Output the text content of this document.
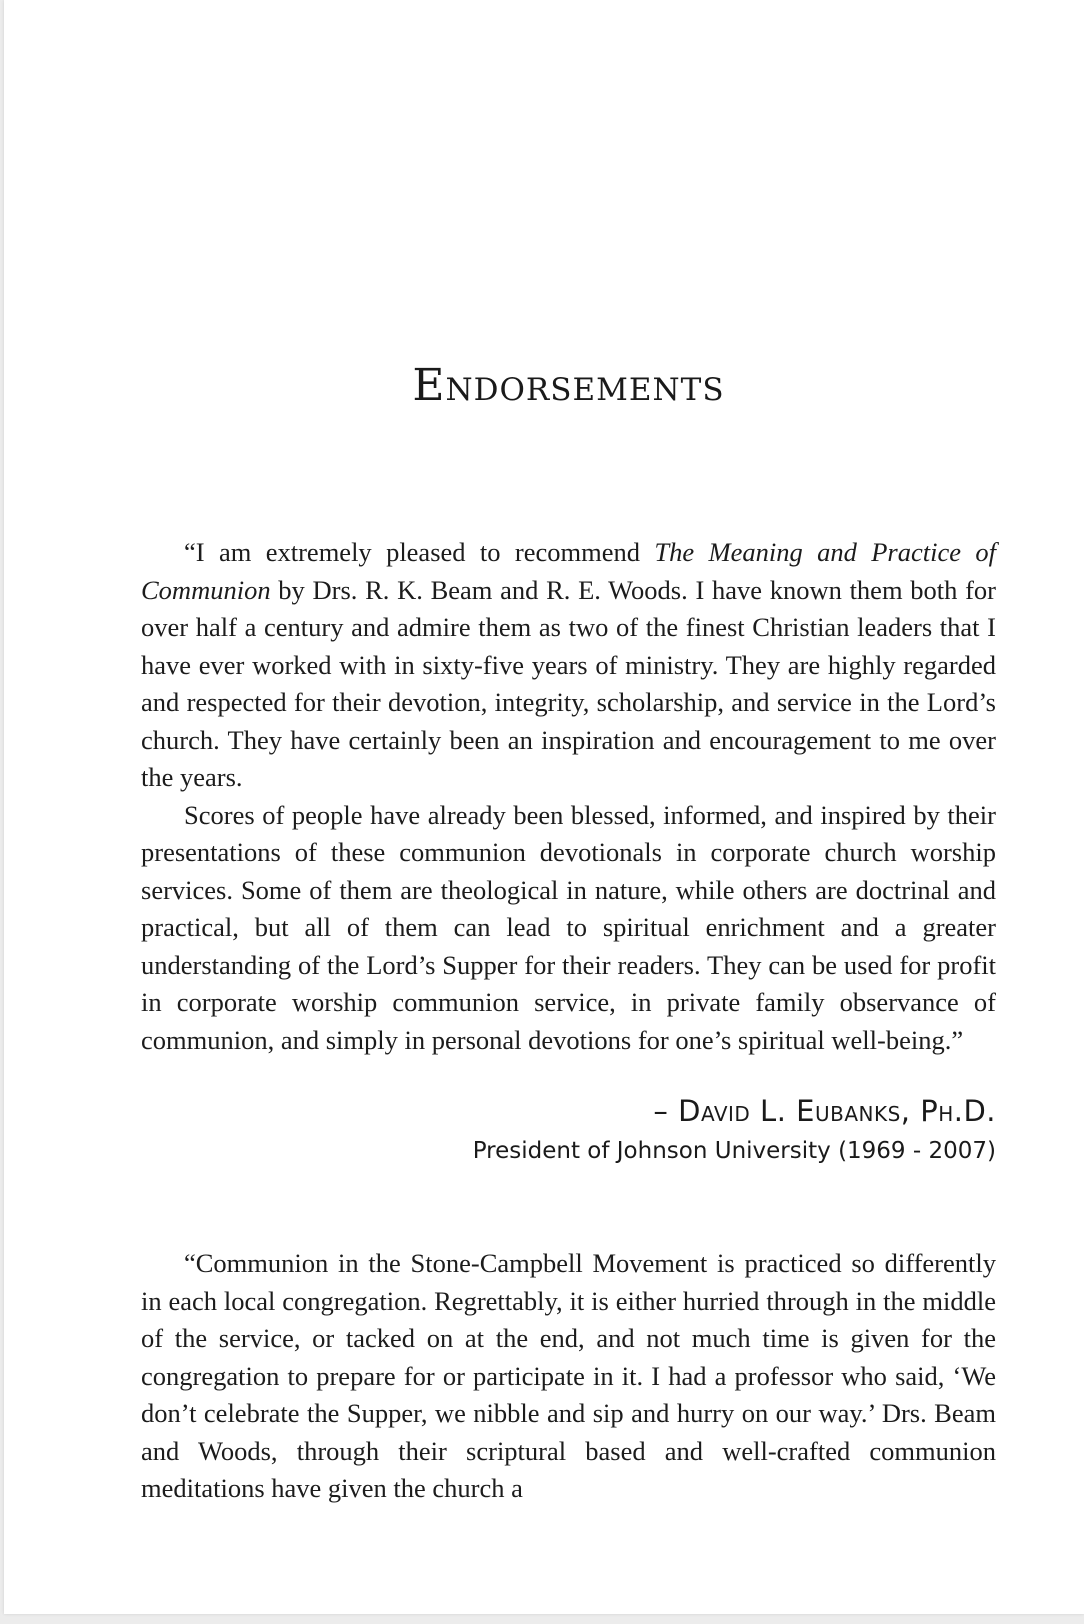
Endorsements

“I am extremely pleased to recommend The Meaning and Practice of Communion by Drs. R. K. Beam and R. E. Woods. I have known them both for over half a century and admire them as two of the finest Christian leaders that I have ever worked with in sixty-five years of ministry. They are highly regarded and respected for their devotion, integrity, scholarship, and service in the Lord’s church. They have certainly been an inspiration and encouragement to me over the years.

Scores of people have already been blessed, informed, and inspired by their presentations of these communion devotionals in corporate church worship services. Some of them are theological in nature, while others are doctrinal and practical, but all of them can lead to spiritual enrichment and a greater understanding of the Lord’s Supper for their readers. They can be used for profit in corporate worship communion service, in private family observance of communion, and simply in personal devotions for one’s spiritual well-being.”

– David L. Eubanks, Ph.D.
President of Johnson University (1969 - 2007)

“Communion in the Stone-Campbell Movement is practiced so differently in each local congregation. Regrettably, it is either hurried through in the middle of the service, or tacked on at the end, and not much time is given for the congregation to prepare for or participate in it. I had a professor who said, ‘We don’t celebrate the Supper, we nibble and sip and hurry on our way.’ Drs. Beam and Woods, through their scriptural based and well-crafted communion meditations have given the church a
